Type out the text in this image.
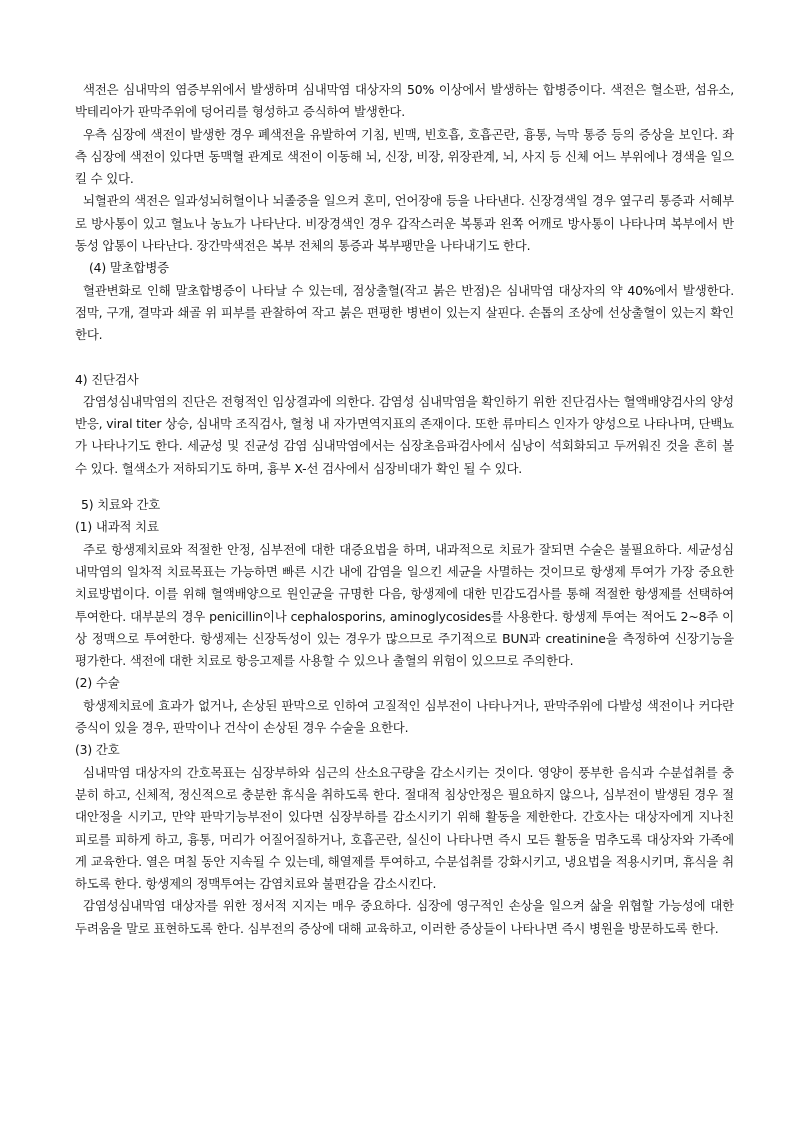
색전은 심내막의 염증부위에서 발생하며 심내막염 대상자의 50% 이상에서 발생하는 합병증이다. 색전은 혈소판, 섬유소, 박테리아가 판막주위에 덩어리를 형성하고 증식하여 발생한다.

우측 심장에 색전이 발생한 경우 폐색전을 유발하여 기침, 빈맥, 빈호흡, 호흡곤란, 흉통, 늑막 통증 등의 증상을 보인다. 좌측 심장에 색전이 있다면 동맥혈 관계로 색전이 이동해 뇌, 신장, 비장, 위장관계, 뇌, 사지 등 신체 어느 부위에나 경색을 일으킬 수 있다.

뇌혈관의 색전은 일과성뇌허혈이나 뇌졸중을 일으켜 혼미, 언어장애 등을 나타낸다. 신장경색일 경우 옆구리 통증과 서혜부로 방사통이 있고 혈뇨나 농뇨가 나타난다. 비장경색인 경우 갑작스러운 복통과 왼쪽 어깨로 방사통이 나타나며 복부에서 반동성 압통이 나타난다. 장간막색전은 복부 전체의 통증과 복부팽만을 나타내기도 한다.

(4) 말초합병증

혈관변화로 인해 말초합병증이 나타날 수 있는데, 점상출혈(작고 붉은 반점)은 심내막염 대상자의 약 40%에서 발생한다. 점막, 구개, 결막과 쇄골 위 피부를 관찰하여 작고 붉은 편평한 병변이 있는지 살핀다. 손톱의 조상에 선상출혈이 있는지 확인한다.

4) 진단검사

감염성심내막염의 진단은 전형적인 임상결과에 의한다. 감염성 심내막염을 확인하기 위한 진단검사는 혈액배양검사의 양성반응, viral titer 상승, 심내막 조직검사, 혈청 내 자가면역지표의 존재이다. 또한 류마티스 인자가 양성으로 나타나며, 단백뇨가 나타나기도 한다. 세균성 및 진균성 감염 심내막염에서는 심장초음파검사에서 심낭이 석회화되고 두꺼워진 것을 흔히 볼 수 있다. 혈색소가 저하되기도 하며, 흉부 X-선 검사에서 심장비대가 확인 될 수 있다.

5) 치료와 간호

(1) 내과적 치료

주로 항생제치료와 적절한 안정, 심부전에 대한 대증요법을 하며, 내과적으로 치료가 잘되면 수술은 불필요하다. 세균성심내막염의 일차적 치료목표는 가능하면 빠른 시간 내에 감염을 일으킨 세균을 사멸하는 것이므로 항생제 투여가 가장 중요한 치료방법이다. 이를 위해 혈액배양으로 원인균을 규명한 다음, 항생제에 대한 민감도검사를 통해 적절한 항생제를 선택하여 투여한다. 대부분의 경우 penicillin이나 cephalosporins, aminoglycosides를 사용한다. 항생제 투여는 적어도 2~8주 이상 정맥으로 투여한다. 항생제는 신장독성이 있는 경우가 많으므로 주기적으로 BUN과 creatinine을 측정하여 신장기능을 평가한다. 색전에 대한 치료로 항응고제를 사용할 수 있으나 출혈의 위험이 있으므로 주의한다.

(2) 수술

항생제치료에 효과가 없거나, 손상된 판막으로 인하여 고질적인 심부전이 나타나거나, 판막주위에 다발성 색전이나 커다란 증식이 있을 경우, 판막이나 건삭이 손상된 경우 수술을 요한다.

(3) 간호

심내막염 대상자의 간호목표는 심장부하와 심근의 산소요구량을 감소시키는 것이다. 영양이 풍부한 음식과 수분섭취를 충분히 하고, 신체적, 정신적으로 충분한 휴식을 취하도록 한다. 절대적 침상안정은 필요하지 않으나, 심부전이 발생된 경우 절대안정을 시키고, 만약 판막기능부전이 있다면 심장부하를 감소시키기 위해 활동을 제한한다. 간호사는 대상자에게 지나친 피로를 피하게 하고, 흉통, 머리가 어질어질하거나, 호흡곤란, 실신이 나타나면 즉시 모든 활동을 멈추도록 대상자와 가족에게 교육한다. 열은 며칠 동안 지속될 수 있는데, 해열제를 투여하고, 수분섭취를 강화시키고, 냉요법을 적용시키며, 휴식을 취하도록 한다. 항생제의 정맥투여는 감염치료와 불편감을 감소시킨다.

감염성심내막염 대상자를 위한 정서적 지지는 매우 중요하다. 심장에 영구적인 손상을 일으켜 삶을 위협할 가능성에 대한 두려움을 말로 표현하도록 한다. 심부전의 증상에 대해 교육하고, 이러한 증상들이 나타나면 즉시 병원을 방문하도록 한다.
